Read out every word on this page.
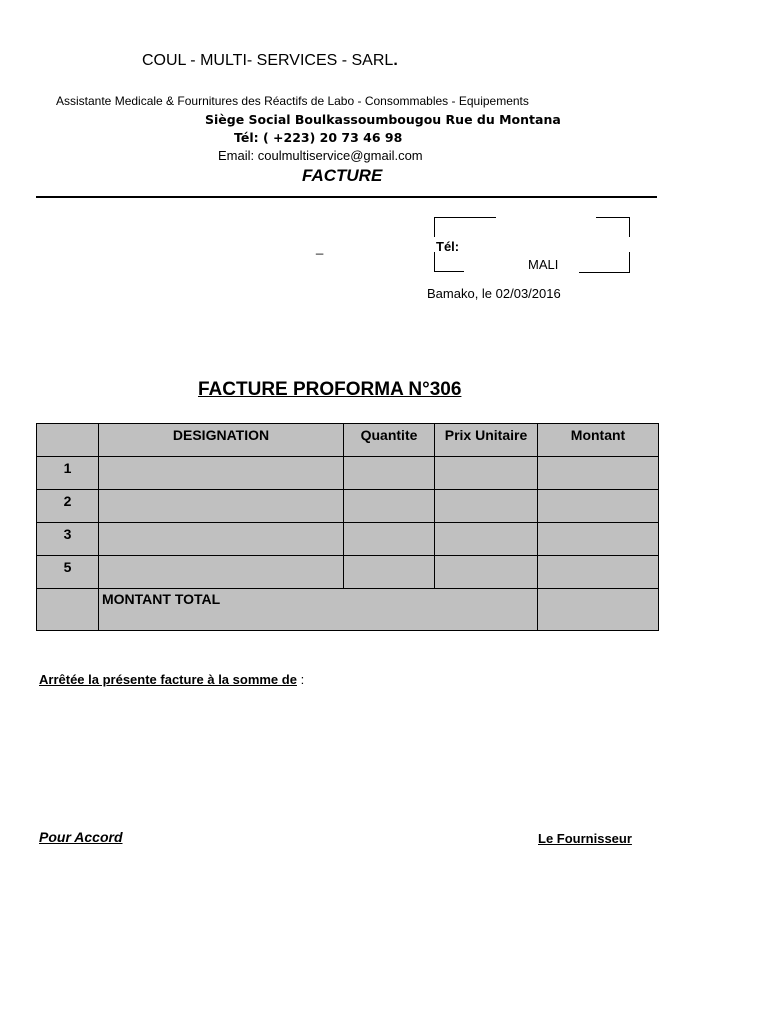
COUL - MULTI- SERVICES - SARL.
Assistante Medicale & Fournitures des Réactifs de Labo - Consommables - Equipements
Siège Social Boulkassoumbougou Rue du Montana
Tél: ( +223) 20 73 46 98
Email: coulmultiservice@gmail.com
FACTURE
_	Tél:
MALI
Bamako, le 02/03/2016
FACTURE PROFORMA N°306
	DESIGNATION	Quantite	Prix Unitaire	Montant
1				
2				
3				
5				
	MONTANT TOTAL			
Arrêtée la présente facture à la somme de :
Pour Accord	Le Fournisseur
